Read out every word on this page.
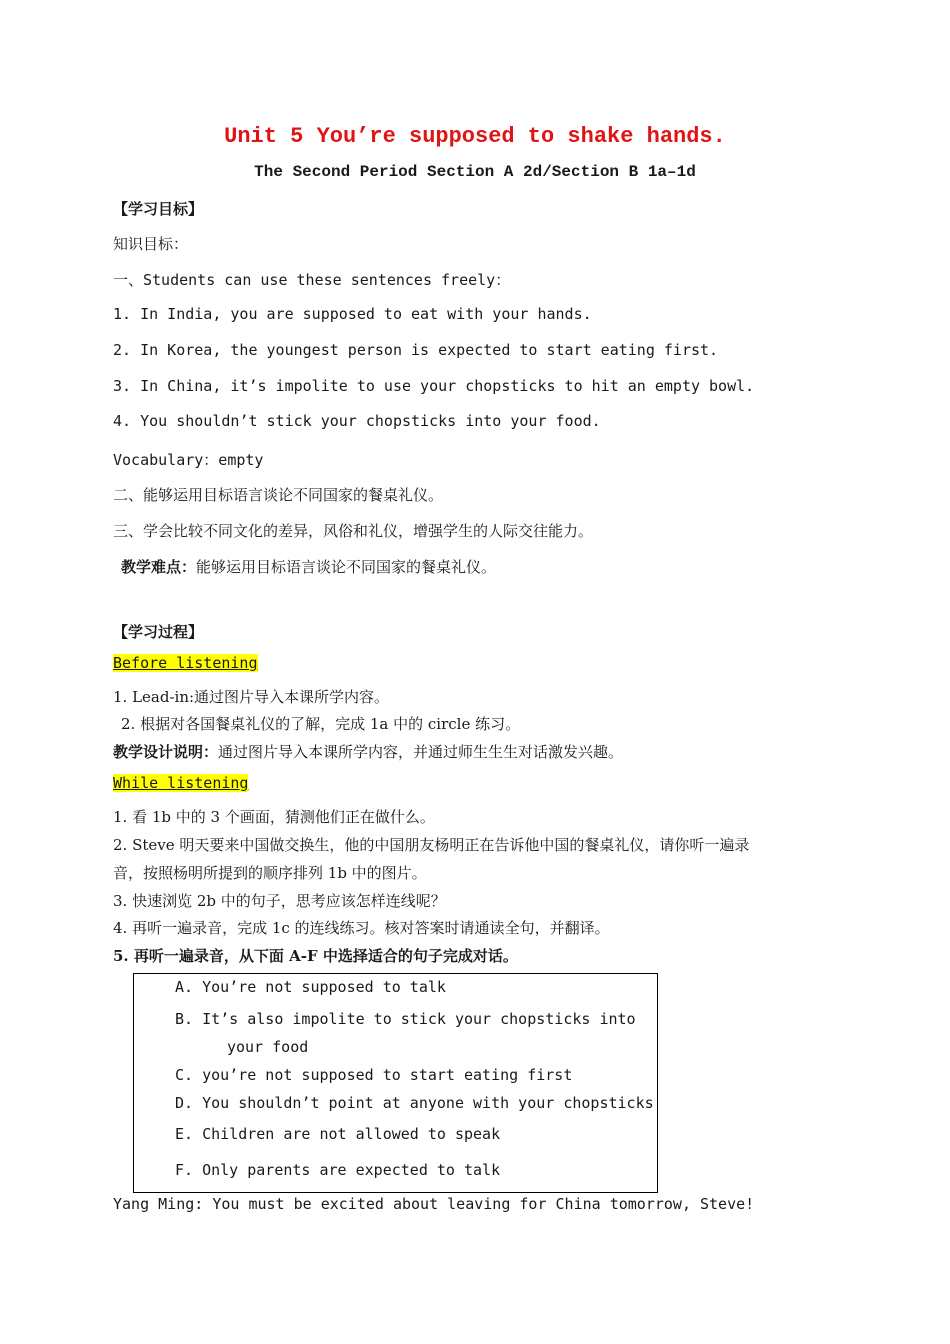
Unit 5 You’re supposed to shake hands.
The Second Period Section A 2d/Section B 1a–1d
【学习目标】
知识目标：
一、Students can use these sentences freely：
1. In India, you are supposed to eat with your hands.
2. In Korea, the youngest person is expected to start eating first.
3. In China, it’s impolite to use your chopsticks to hit an empty bowl.
4. You shouldn’t stick your chopsticks into your food.
Vocabulary：empty
二、能够运用目标语言谈论不同国家的餐桌礼仪。
三、学会比较不同文化的差异，风俗和礼仪，增强学生的人际交往能力。
教学难点：能够运用目标语言谈论不同国家的餐桌礼仪。
【学习过程】
Before listening
1. Lead-in:通过图片导入本课所学内容。
2. 根据对各国餐桌礼仪的了解，完成 1a 中的 circle 练习。
教学设计说明：通过图片导入本课所学内容，并通过师生生生对话激发兴趣。
While listening
1. 看 1b 中的 3 个画面，猜测他们正在做什么。
2. Steve 明天要来中国做交换生，他的中国朋友杨明正在告诉他中国的餐桌礼仪，请你听一遍录
音，按照杨明所提到的顺序排列 1b 中的图片。
3. 快速浏览 2b 中的句子，思考应该怎样连线呢？
4. 再听一遍录音，完成 1c 的连线练习。核对答案时请通读全句，并翻译。
5. 再听一遍录音，从下面 A-F 中选择适合的句子完成对话。
A. You’re not supposed to talk
B. It’s also impolite to stick your chopsticks into
your food
C. you’re not supposed to start eating first
D. You shouldn’t point at anyone with your chopsticks
E. Children are not allowed to speak
F. Only parents are expected to talk
Yang Ming: You must be excited about leaving for China tomorrow, Steve!
